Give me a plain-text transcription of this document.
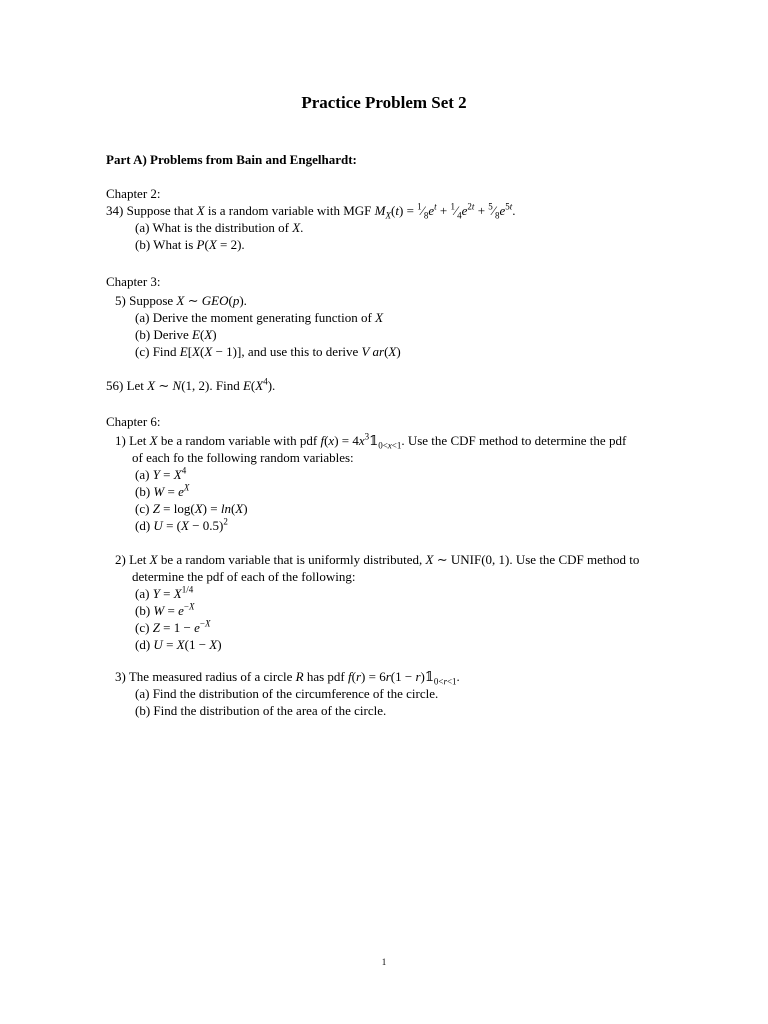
Practice Problem Set 2
Part A) Problems from Bain and Engelhardt:
Chapter 2:
34) Suppose that X is a random variable with MGF $M_X(t)$ = $^1⁄_8e^t$ + $^1⁄_4e^{2t}$ + $^5⁄_8e^{5t}$.
(a) What is the distribution of X.
(b) What is P(X = 2).
Chapter 3:
5) Suppose X ∼ GEO(p).
(a) Derive the moment generating function of X
(b) Derive E(X)
(c) Find E[X(X − 1)], and use this to derive V ar(X)
56) Let X ∼ N(1, 2). Find $E(X^4)$.
Chapter 6:
1) Let X be a random variable with pdf $f(x) = 4x^3𝟙_{0<x<1}$. Use the CDF method to determine the pdf
of each fo the following random variables:
(a) $Y = X^4$
(b) $W = e^X$
(c) Z = log(X) = ln(X)
(d) $U = (X - 0.5)^2$
2) Let X be a random variable that is uniformly distributed, X ∼ UNIF(0, 1). Use the CDF method to
determine the pdf of each of the following:
(a) $Y = X^{1/4}$
(b) $W = e^{-X}$
(c) $Z = 1 - e^{-X}$
(d) U = X(1 − X)
3) The measured radius of a circle R has pdf $f(r) = 6r(1 - r)𝟙_{0<r<1}$.
(a) Find the distribution of the circumference of the circle.
(b) Find the distribution of the area of the circle.
1
